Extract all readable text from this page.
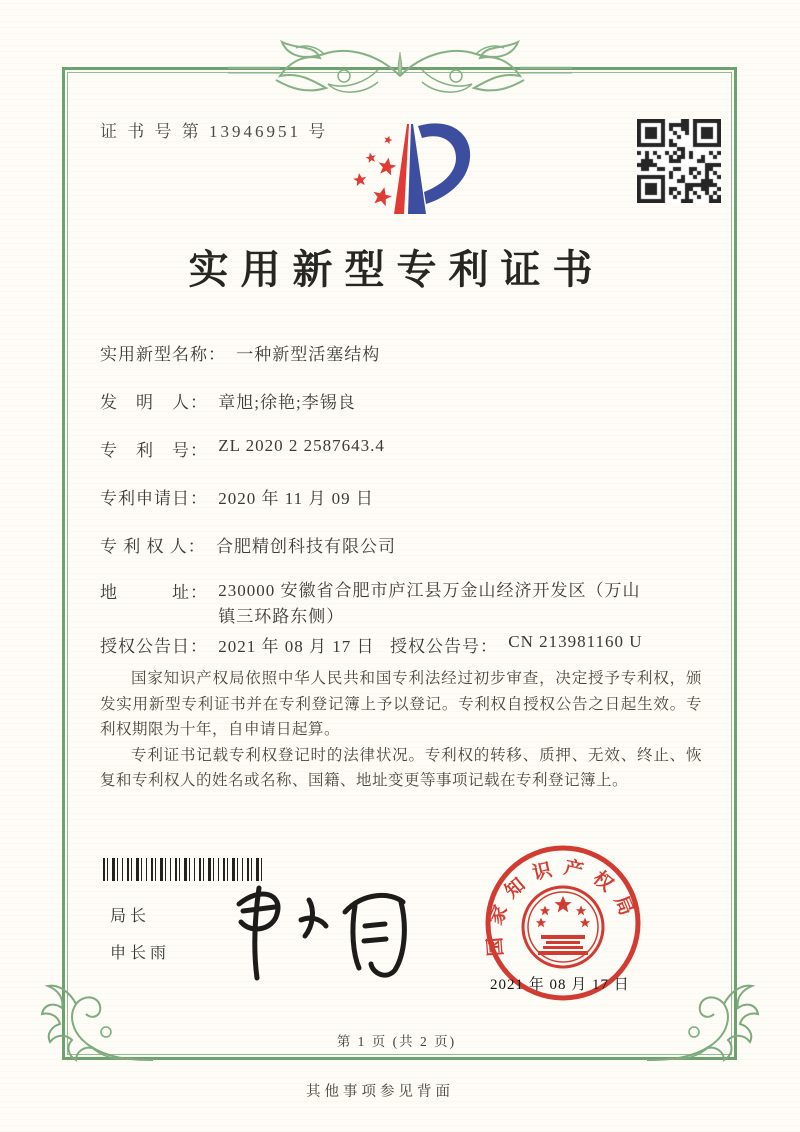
证 书 号 第 13946951 号
实用新型专利证书
实用新型名称： 一种新型活塞结构
发　明　人： 章旭;徐艳;李锡良
专　利　号： ZL 2020 2 2587643.4
专利申请日： 2020 年 11 月 09 日
专 利 权 人： 合肥精创科技有限公司
地　　　址： 230000 安徽省合肥市庐江县万金山经济开发区（万山镇三环路东侧）
授权公告日： 2021 年 08 月 17 日 授权公告号： CN 213981160 U

国家知识产权局依照中华人民共和国专利法经过初步审查，决定授予专利权，颁发实用新型专利证书并在专利登记簿上予以登记。专利权自授权公告之日起生效。专利权期限为十年，自申请日起算。

专利证书记载专利权登记时的法律状况。专利权的转移、质押、无效、终止、恢复和专利权人的姓名或名称、国籍、地址变更等事项记载在专利登记簿上。

局长
申长雨	国家知识产权局
2021 年 08 月 17 日
第 1 页 (共 2 页)
其他事项参见背面
